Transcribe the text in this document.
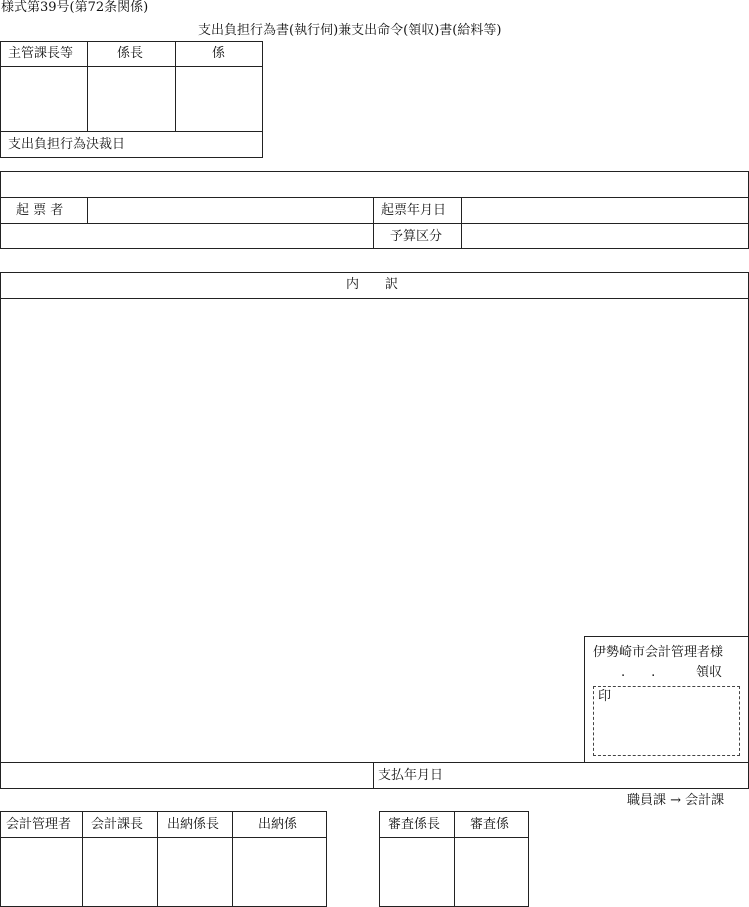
様式第39号(第72条関係)
支出負担行為書(執行伺)兼支出命令(領収)書(給料等)
主管課長等	係長	係
支出負担行為決裁日
起 票 者	起票年月日
予算区分
内　　訳
伊勢崎市会計管理者様
.　　.	領収
印
支払年月日
職員課 → 会計課
会計管理者 会計課長 出納係長	出納係	審査係長 審査係
